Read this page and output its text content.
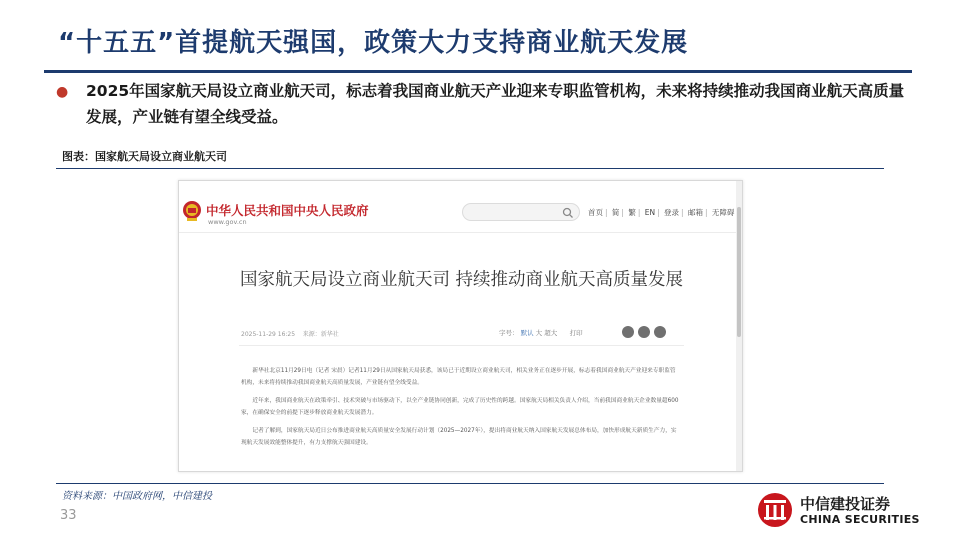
“十五五”首提航天强国，政策大力支持商业航天发展
● 2025年国家航天局设立商业航天司，标志着我国商业航天产业迎来专职监管机构，未来将持续推动我国商业航天高质量发展，产业链有望全线受益。
图表：国家航天局设立商业航天司
中华人民共和国中央人民政府
www.gov.cn
首页 | 简 | 繁 | EN | 登录 | 邮箱 | 无障碍
国家航天局设立商业航天司 持续推动商业航天高质量发展
2025-11-29 16:25 来源：新华社	字号： 默认 大 超大 打印

新华社北京11月29日电（记者 宋晨）记者11月29日从国家航天局获悉，该局已于近期设立商业航天司，相关业务正在逐步开展，标志着我国商业航天产业迎来专职监管机构，未来将持续推动我国商业航天高质量发展，产业链有望全线受益。

近年来，我国商业航天在政策牵引、技术突破与市场驱动下，以全产业链协同创新，完成了历史性的跨越。国家航天局相关负责人介绍，当前我国商业航天企业数量超600家，在确保安全的前提下逐步释放商业航天发展潜力。

记者了解到，国家航天局近日公布推进商业航天高质量安全发展行动计划（2025—2027年），提出将商业航天纳入国家航天发展总体布局，加快形成航天新质生产力，实现航天发展效能整体提升，有力支撑航天强国建设。

资料来源：中国政府网，中信建投
33
中信建投证券
CHINA SECURITIES
